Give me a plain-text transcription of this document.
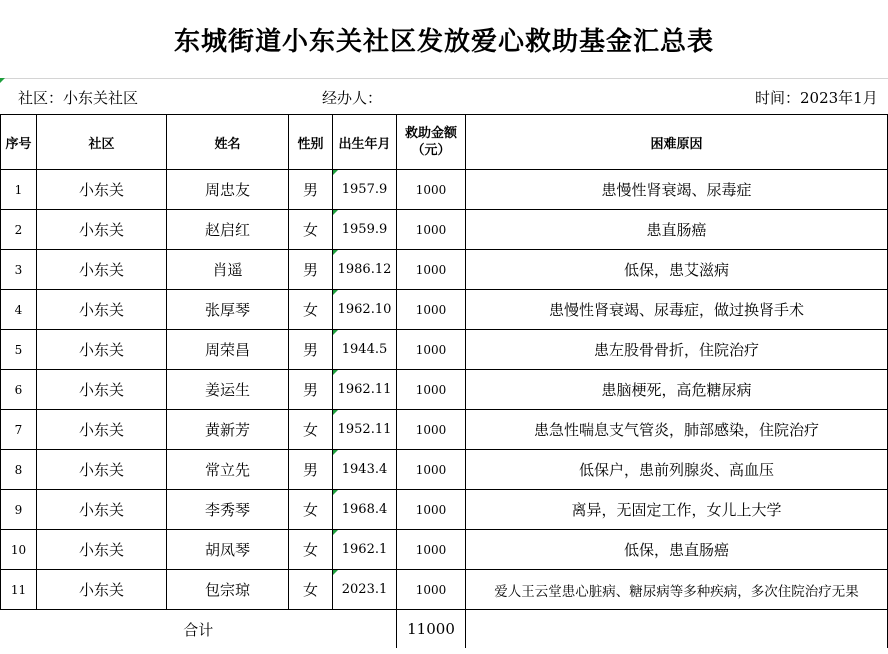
东城街道小东关社区发放爱心救助基金汇总表
社区：小东关社区	经办人：	时间：2023年1月
序号	社区	姓名	性别	出生年月	救助金额（元）	困难原因
1	小东关	周忠友	男	1957.9	1000	患慢性肾衰竭、尿毒症
2	小东关	赵启红	女	1959.9	1000	患直肠癌
3	小东关	肖遥	男	1986.12	1000	低保，患艾滋病
4	小东关	张厚琴	女	1962.10	1000	患慢性肾衰竭、尿毒症，做过换肾手术
5	小东关	周荣昌	男	1944.5	1000	患左股骨骨折，住院治疗
6	小东关	姜运生	男	1962.11	1000	患脑梗死，高危糖尿病
7	小东关	黄新芳	女	1952.11	1000	患急性喘息支气管炎，肺部感染，住院治疗
8	小东关	常立先	男	1943.4	1000	低保户，患前列腺炎、高血压
9	小东关	李秀琴	女	1968.4	1000	离异，无固定工作，女儿上大学
10	小东关	胡凤琴	女	1962.1	1000	低保，患直肠癌
11	小东关	包宗琼	女	2023.1	1000	爱人王云堂患心脏病、糖尿病等多种疾病，多次住院治疗无果
合计					11000	
